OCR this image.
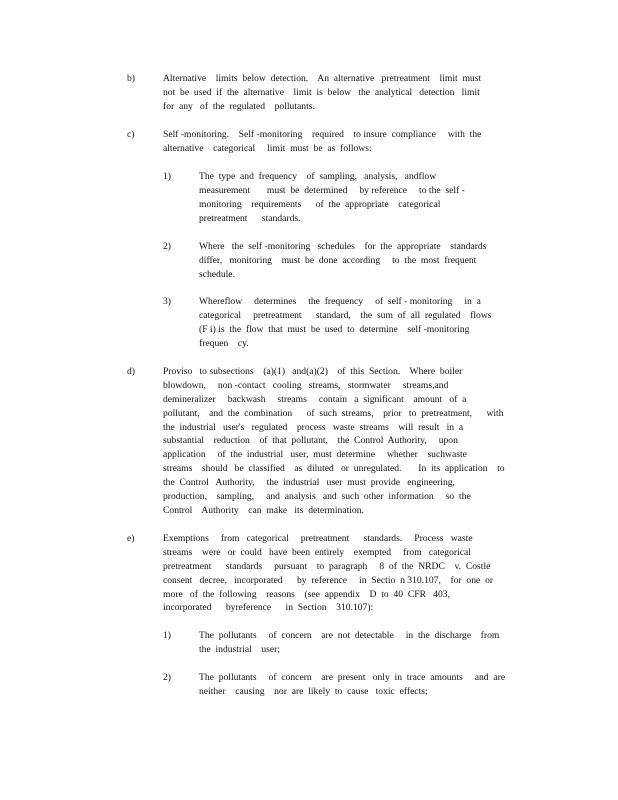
b)	Alternative    limits  below  detection.    An  alternative   pretreatment    limit  must
not  be  used  if  the  alternative    limit  is  below   the  analytical   detection   limit
for  any   of  the  regulated    pollutants.
c)	Self -monitoring.    Self -monitoring    required    to insure  compliance     with  the
alternative    categorical     limit  must  be  as  follows:
1)	The  type  and  frequency    of  sampling,   analysis,   andflow
measurement       must  be  determined     by reference     to the  self -
monitoring    requirements      of  the  appropriate    categorical
pretreatment      standards.
2)	Where   the  self -monitoring   schedules    for  the  appropriate    standards
differ,   monitoring    must  be  done  according     to  the  most  frequent
schedule.
3)	Whereflow     determines     the  frequency     of  self - monitoring     in  a
categorical     pretreatment      standard,    the  sum  of  all  regulated    flows
(F i) is  the  flow  that  must  be  used  to  determine    self -monitoring
frequen    cy.
d)	Proviso   to subsections    (a)(1)   and(a)(2)    of  this  Section.    Where  boiler
blowdown,     non -contact   cooling   streams,   stormwater     streams,and
demineralizer     backwash     streams     contain   a  significant    amount   of  a
pollutant,    and  the  combination      of  such  streams,    prior   to  pretreatment,      with
the  industrial   user's   regulated    process   waste  streams    will  result   in  a
substantial    reduction    of  that  pollutant,    the  Control  Authority,     upon
application     of  the  industrial   user,  must  determine     whether    suchwaste
streams    should   be  classified    as  diluted   or  unregulated.       In  its  application    to
the  Control   Authority,     the  industrial   user  must  provide   engineering,
production,    sampling,     and  analysis   and  such  other  information     so  the
Control    Authority    can  make   its  determination.
e)	Exemptions     from   categorical     pretreatment      standards.     Process   waste
streams    were   or  could   have  been  entirely    exempted     from   categorical
pretreatment      standards     pursuant    to  paragraph     8  of  the  NRDC    v.  Costle
consent   decree,   incorporated      by  reference     in  Sectio  n 310.107,    for  one  or
more   of  the  following    reasons    (see  appendix    D  to  40  CFR   403,
incorporated      byreference      in  Section    310.107):
1)	The  pollutants     of  concern    are  not  detectable     in  the  discharge    from
the  industrial    user;
2)	The  pollutants     of  concern    are  present   only  in  trace  amounts     and  are
neither    causing    nor  are  likely  to  cause   toxic  effects;
